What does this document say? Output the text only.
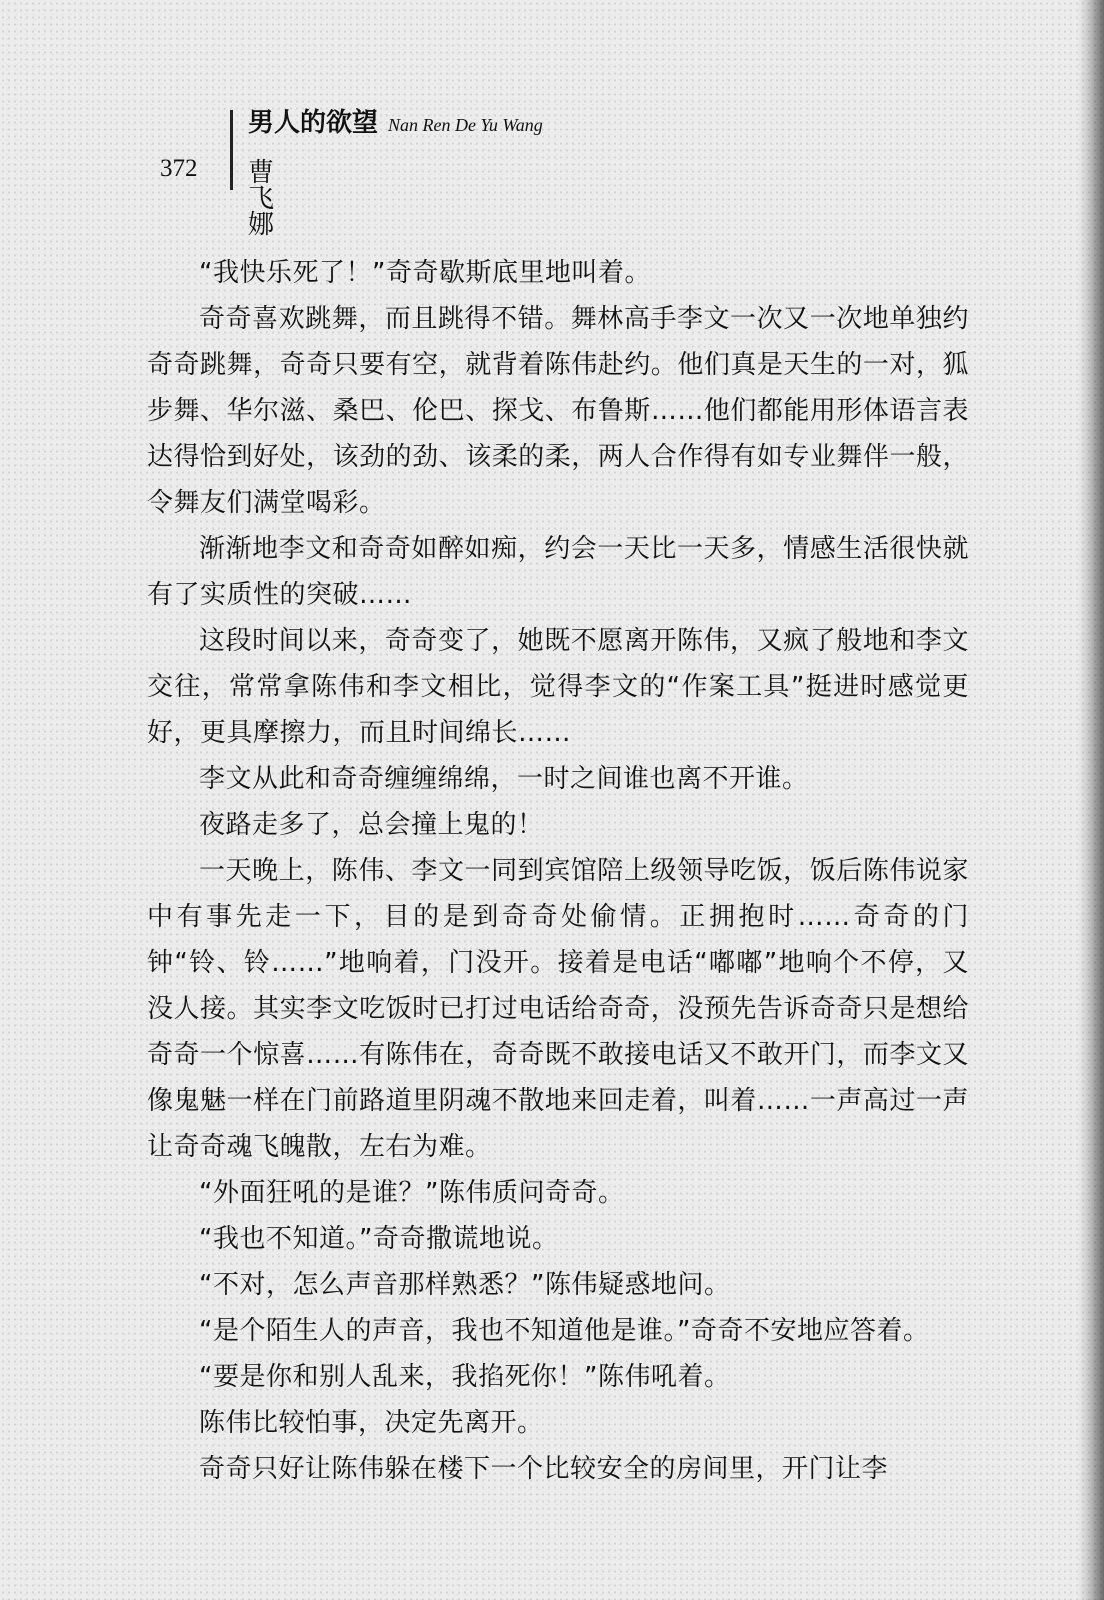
372
男人的欲望 Nan Ren De Yu Wang
曹飞娜

“我快乐死了！”奇奇歇斯底里地叫着。

奇奇喜欢跳舞，而且跳得不错。舞林高手李文一次又一次地单独约奇奇跳舞，奇奇只要有空，就背着陈伟赴约。他们真是天生的一对，狐步舞、华尔滋、桑巴、伦巴、探戈、布鲁斯……他们都能用形体语言表达得恰到好处，该劲的劲、该柔的柔，两人合作得有如专业舞伴一般，令舞友们满堂喝彩。

渐渐地李文和奇奇如醉如痴，约会一天比一天多，情感生活很快就有了实质性的突破……

这段时间以来，奇奇变了，她既不愿离开陈伟，又疯了般地和李文交往，常常拿陈伟和李文相比，觉得李文的“作案工具”挺进时感觉更好，更具摩擦力，而且时间绵长……

李文从此和奇奇缠缠绵绵，一时之间谁也离不开谁。

夜路走多了，总会撞上鬼的！

一天晚上，陈伟、李文一同到宾馆陪上级领导吃饭，饭后陈伟说家中有事先走一下，目的是到奇奇处偷情。正拥抱时……奇奇的门钟“铃、铃……”地响着，门没开。接着是电话“嘟嘟”地响个不停，又没人接。其实李文吃饭时已打过电话给奇奇，没预先告诉奇奇只是想给奇奇一个惊喜……有陈伟在，奇奇既不敢接电话又不敢开门，而李文又像鬼魅一样在门前路道里阴魂不散地来回走着，叫着……一声高过一声让奇奇魂飞魄散，左右为难。

“外面狂吼的是谁？”陈伟质问奇奇。

“我也不知道。”奇奇撒谎地说。

“不对，怎么声音那样熟悉？”陈伟疑惑地问。

“是个陌生人的声音，我也不知道他是谁。”奇奇不安地应答着。

“要是你和别人乱来，我掐死你！”陈伟吼着。

陈伟比较怕事，决定先离开。

奇奇只好让陈伟躲在楼下一个比较安全的房间里，开门让李
